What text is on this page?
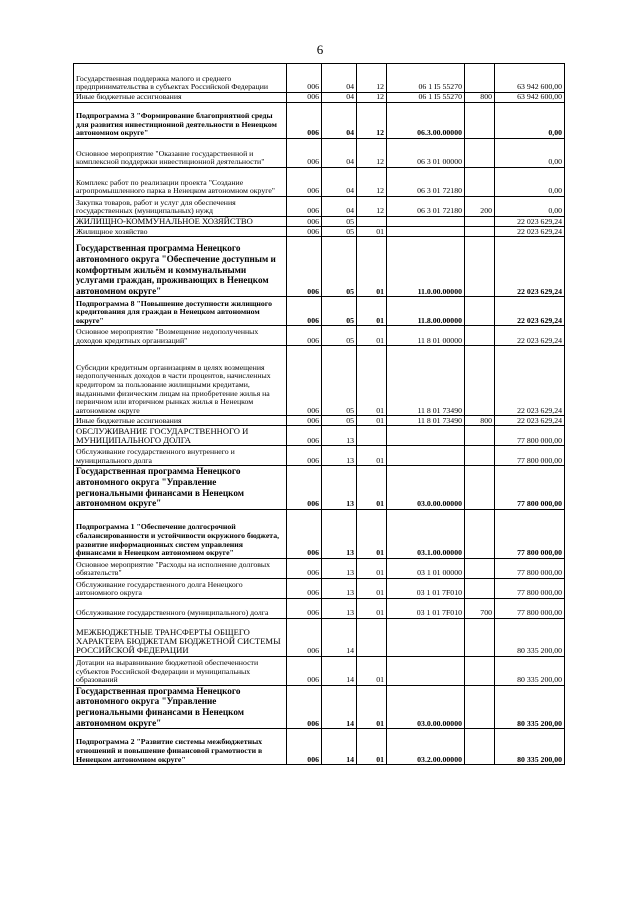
6
Государственная поддержка малого и среднего предпринимательства в субъектах Российской Федерации	006	04	12	06 1 I5 55270		63 942 600,00
Иные бюджетные ассигнования	006	04	12	06 1 I5 55270	800	63 942 600,00
Подпрограмма 3 "Формирование благоприятной среды для развития инвестиционной деятельности в Ненецком автономном округе"	006	04	12	06.3.00.00000		0,00
Основное мероприятие "Оказание государственной и комплексной поддержки инвестиционной деятельности"	006	04	12	06 3 01 00000		0,00
Комплекс работ по реализации проекта "Создание агропромышленного парка в Ненецком автономном округе"	006	04	12	06 3 01 72180		0,00
Закупка товаров, работ и услуг для обеспечения государственных (муниципальных) нужд	006	04	12	06 3 01 72180	200	0,00
ЖИЛИЩНО-КОММУНАЛЬНОЕ ХОЗЯЙСТВО	006	05				22 023 629,24
Жилищное хозяйство	006	05	01			22 023 629,24
Государственная программа Ненецкого автономного округа "Обеспечение доступным и комфортным жильём и коммунальными услугами граждан, проживающих в Ненецком автономном округе"	006	05	01	11.0.00.00000		22 023 629,24
Подпрограмма 8 "Повышение доступности жилищного кредитования для граждан в Ненецком автономном округе"	006	05	01	11.8.00.00000		22 023 629,24
Основное мероприятие "Возмещение недополученных доходов кредитных организаций"	006	05	01	11 8 01 00000		22 023 629,24
Субсидии кредитным организациям в целях возмещения недополученных доходов в части процентов, начисленных кредитором за пользование жилищными кредитами, выданными физическим лицам на приобретение жилья на первичном или вторичном рынках жилья в Ненецком автономном округе	006	05	01	11 8 01 73490		22 023 629,24
Иные бюджетные ассигнования	006	05	01	11 8 01 73490	800	22 023 629,24
ОБСЛУЖИВАНИЕ ГОСУДАРСТВЕННОГО И МУНИЦИПАЛЬНОГО ДОЛГА	006	13				77 800 000,00
Обслуживание государственного внутреннего и муниципального долга	006	13	01			77 800 000,00
Государственная программа Ненецкого автономного округа "Управление региональными финансами в Ненецком автономном округе"	006	13	01	03.0.00.00000		77 800 000,00
Подпрограмма 1 "Обеспечение долгосрочной сбалансированности и устойчивости окружного бюджета, развитие информационных систем управления финансами в Ненецком автономном округе"	006	13	01	03.1.00.00000		77 800 000,00
Основное мероприятие "Расходы на исполнение долговых обязательств"	006	13	01	03 1 01 00000		77 800 000,00
Обслуживание государственного долга Ненецкого автономного округа	006	13	01	03 1 01 7F010		77 800 000,00
Обслуживание государственного (муниципального) долга	006	13	01	03 1 01 7F010	700	77 800 000,00
МЕЖБЮДЖЕТНЫЕ ТРАНСФЕРТЫ ОБЩЕГО ХАРАКТЕРА БЮДЖЕТАМ БЮДЖЕТНОЙ СИСТЕМЫ РОССИЙСКОЙ ФЕДЕРАЦИИ	006	14				80 335 200,00
Дотации на выравнивание бюджетной обеспеченности субъектов Российской Федерации и муниципальных образований	006	14	01			80 335 200,00
Государственная программа Ненецкого автономного округа "Управление региональными финансами в Ненецком автономном округе"	006	14	01	03.0.00.00000		80 335 200,00
Подпрограмма 2 "Развитие системы межбюджетных отношений и повышение финансовой грамотности в Ненецком автономном округе"	006	14	01	03.2.00.00000		80 335 200,00
